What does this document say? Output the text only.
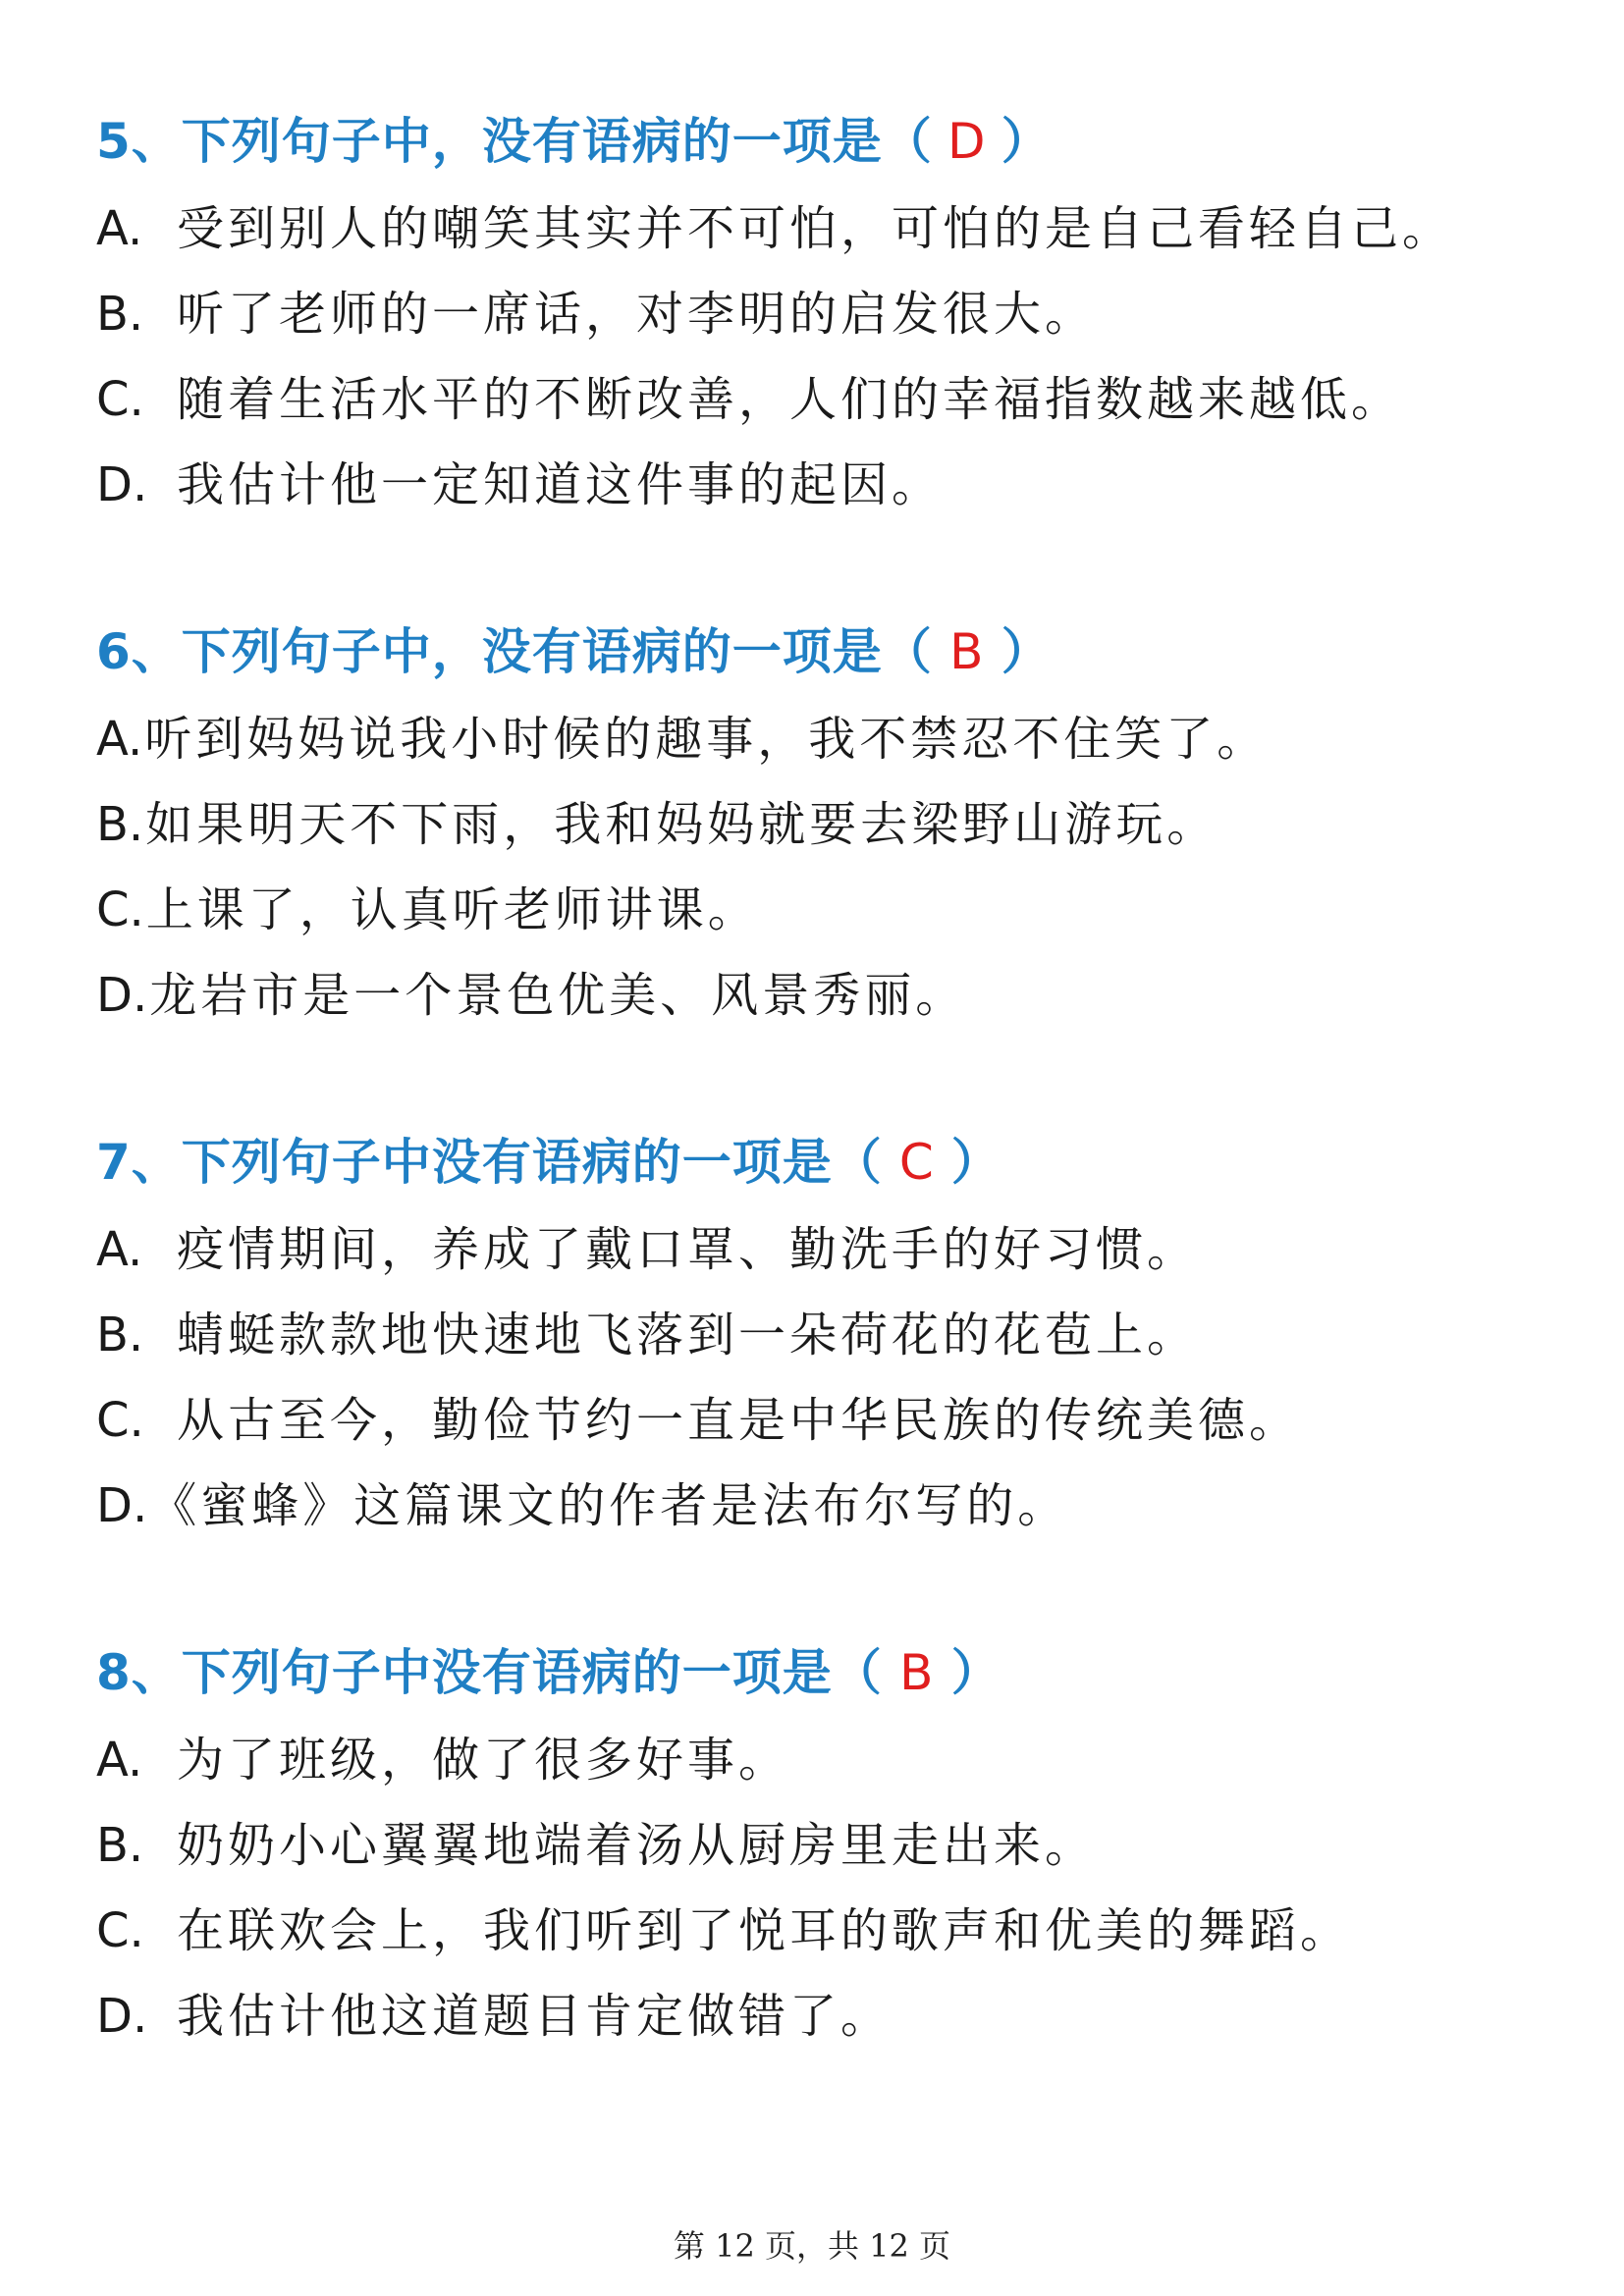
5、下列句子中，没有语病的一项是（ D ）
A. 受到别人的嘲笑其实并不可怕，可怕的是自己看轻自己。
B. 听了老师的一席话，对李明的启发很大。
C. 随着生活水平的不断改善，人们的幸福指数越来越低。
D. 我估计他一定知道这件事的起因。
6、下列句子中，没有语病的一项是（ B ）
A.听到妈妈说我小时候的趣事，我不禁忍不住笑了。
B.如果明天不下雨，我和妈妈就要去梁野山游玩。
C.上课了，认真听老师讲课。
D.龙岩市是一个景色优美、风景秀丽。
7、下列句子中没有语病的一项是（ C ）
A. 疫情期间，养成了戴口罩、勤洗手的好习惯。
B. 蜻蜓款款地快速地飞落到一朵荷花的花苞上。
C. 从古至今，勤俭节约一直是中华民族的传统美德。
D.《蜜蜂》这篇课文的作者是法布尔写的。
8、下列句子中没有语病的一项是（ B ）
A. 为了班级，做了很多好事。
B. 奶奶小心翼翼地端着汤从厨房里走出来。
C. 在联欢会上，我们听到了悦耳的歌声和优美的舞蹈。
D. 我估计他这道题目肯定做错了。
第 12 页，共 12 页
